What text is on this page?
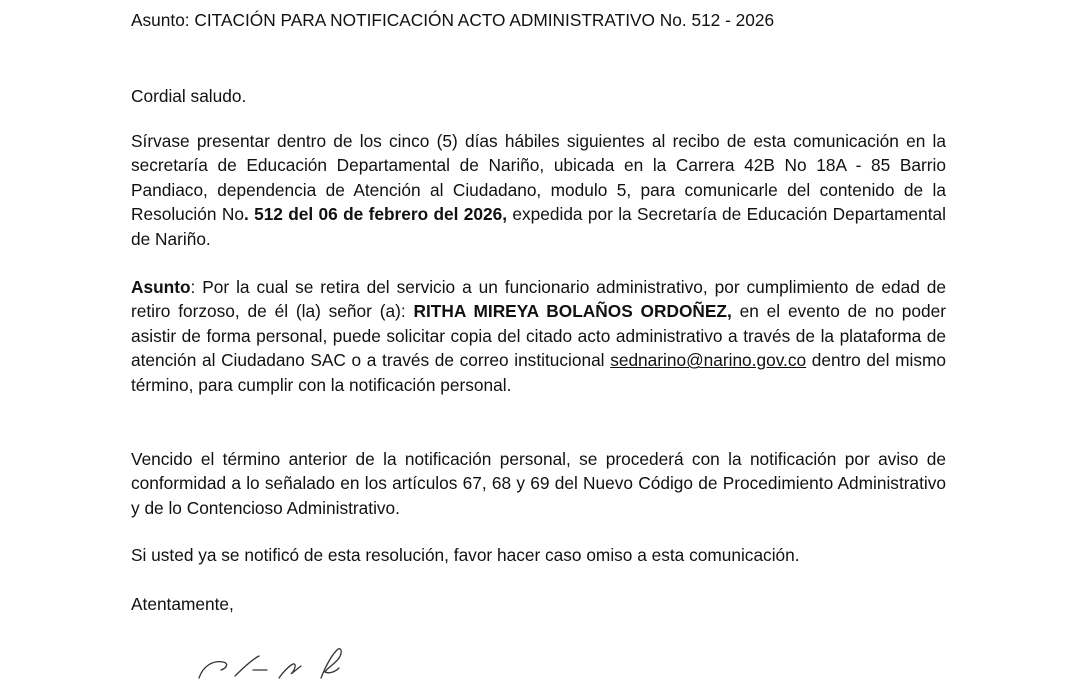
Asunto: CITACIÓN PARA NOTIFICACIÓN ACTO ADMINISTRATIVO No. 512 - 2026
Cordial saludo.
Sírvase presentar dentro de los cinco (5) días hábiles siguientes al recibo de esta comunicación en la secretaría de Educación Departamental de Nariño, ubicada en la Carrera 42B No 18A - 85 Barrio Pandiaco, dependencia de Atención al Ciudadano, modulo 5, para comunicarle del contenido de la Resolución No. 512 del 06 de febrero del 2026, expedida por la Secretaría de Educación Departamental de Nariño.
Asunto: Por la cual se retira del servicio a un funcionario administrativo, por cumplimiento de edad de retiro forzoso, de él (la) señor (a): RITHA MIREYA BOLAÑOS ORDOÑEZ, en el evento de no poder asistir de forma personal, puede solicitar copia del citado acto administrativo a través de la plataforma de atención al Ciudadano SAC o a través de correo institucional sednarino@narino.gov.co dentro del mismo término, para cumplir con la notificación personal.
Vencido el término anterior de la notificación personal, se procederá con la notificación por aviso de conformidad a lo señalado en los artículos 67, 68 y 69 del Nuevo Código de Procedimiento Administrativo y de lo Contencioso Administrativo.
Si usted ya se notificó de esta resolución, favor hacer caso omiso a esta comunicación.
Atentamente,
